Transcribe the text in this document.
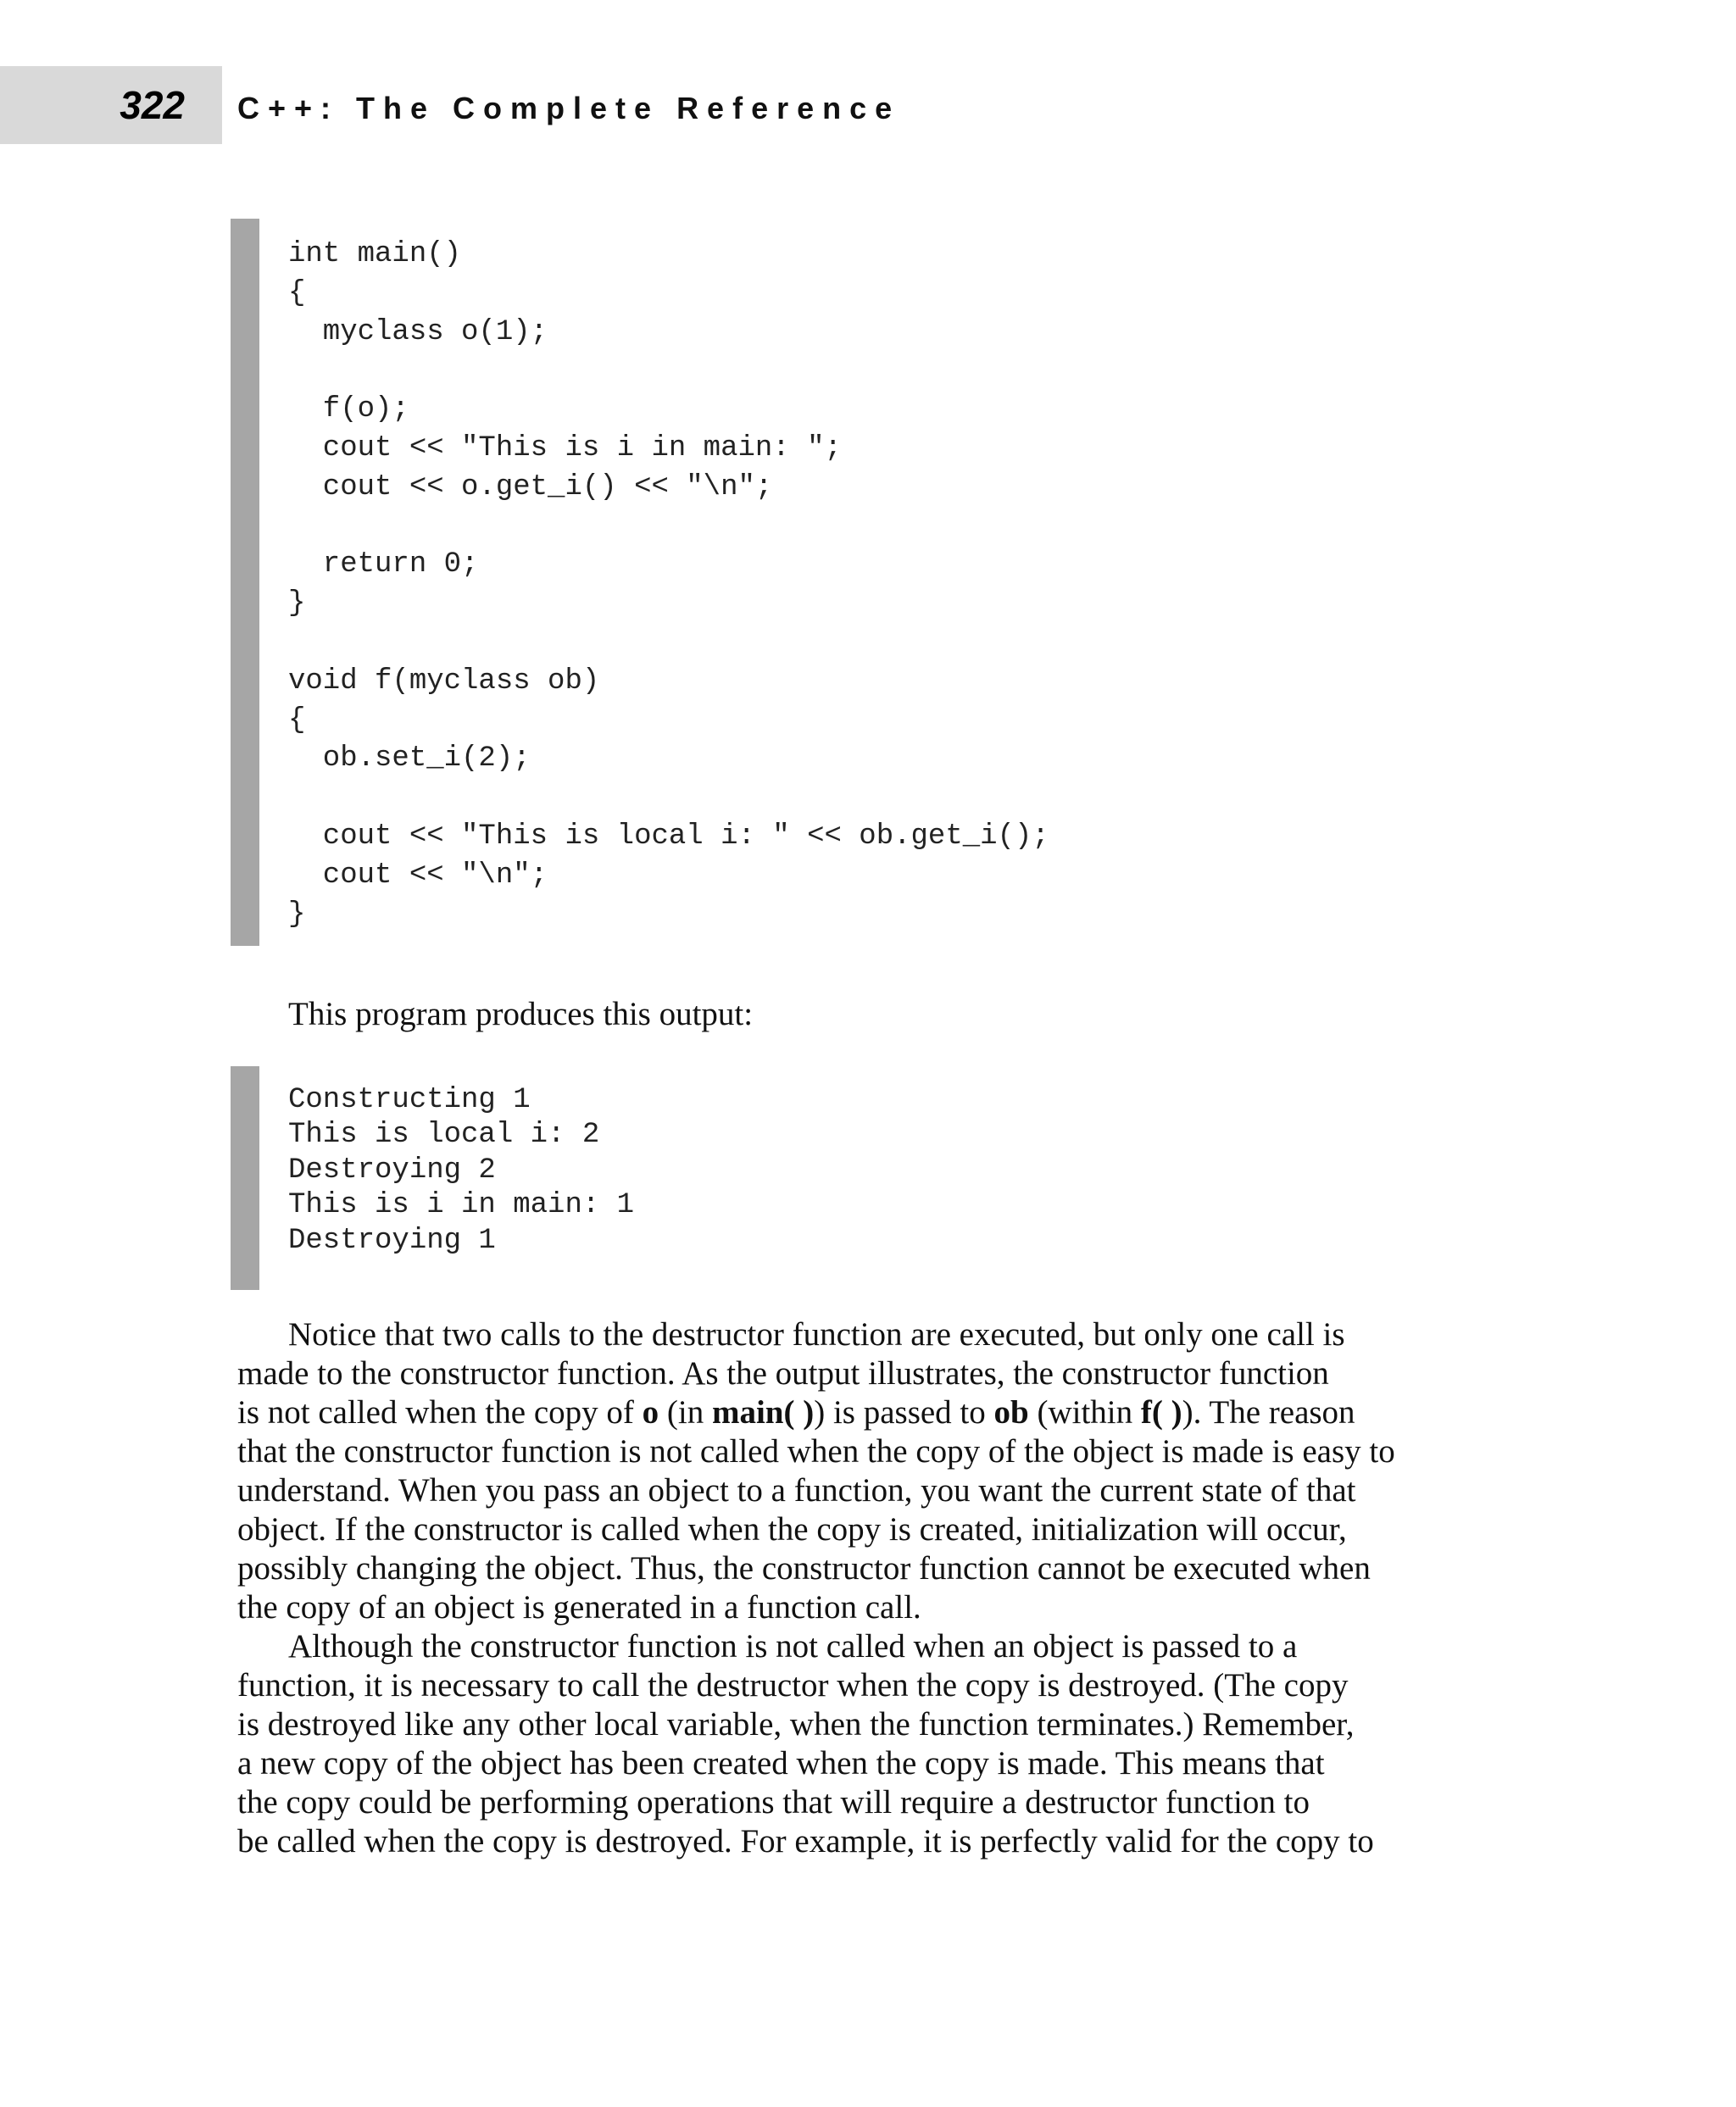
322 C++: The Complete Reference
int main()
{
myclass o(1);

f(o);
cout << "This is i in main: ";
cout << o.get_i() << "\n";

return 0;
}

void f(myclass ob)
{
ob.set_i(2);

cout << "This is local i: " << ob.get_i();
cout << "\n";
}

This program produces this output:

Constructing 1
This is local i: 2
Destroying 2
This is i in main: 1
Destroying 1
Notice that two calls to the destructor function are executed, but only one call is
made to the constructor function. As the output illustrates, the constructor function
is not called when the copy of o (in main( )) is passed to ob (within f( )). The reason
that the constructor function is not called when the copy of the object is made is easy to
understand. When you pass an object to a function, you want the current state of that
object. If the constructor is called when the copy is created, initialization will occur,
possibly changing the object. Thus, the constructor function cannot be executed when
the copy of an object is generated in a function call.
Although the constructor function is not called when an object is passed to a
function, it is necessary to call the destructor when the copy is destroyed. (The copy
is destroyed like any other local variable, when the function terminates.) Remember,
a new copy of the object has been created when the copy is made. This means that
the copy could be performing operations that will require a destructor function to
be called when the copy is destroyed. For example, it is perfectly valid for the copy to
